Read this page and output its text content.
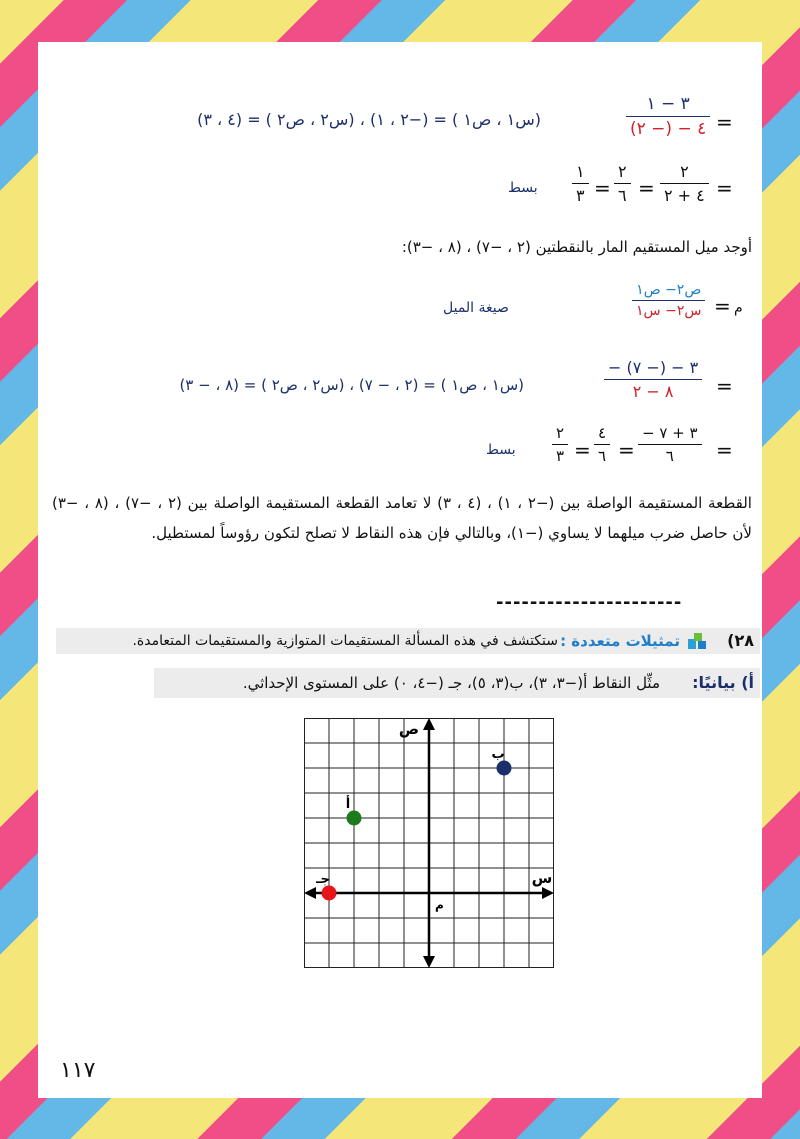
=
٣ − ١
٤ − (− ٢)
(س١ ، ص١ ) = (−٢ ، ١) ، (س٢ ، ص٢ ) = (٤ ، ٣)
=
٢
٤ + ٢
=
٢
٦
=
١
٣
بسط
أوجد ميل المستقيم المار بالنقطتين (٢ ، −٧) ، (٨ ، −٣):
م
=
ص٢− ص١
س٢− س١
صيغة الميل
=
− ٣ − (− ٧)
٨ − ٢
(س١ ، ص١ ) = (٢ ، − ٧) ، (س٢ ، ص٢ ) = (٨ ، − ٣)
=
− ٣ + ٧
٦
=
٤
٦
=
٢
٣
بسط
القطعة المستقيمة الواصلة بين (−٢ ، ١) ، (٤ ، ٣) لا تعامد القطعة المستقيمة الواصلة بين (٢ ، −٧) ، (٨ ، −٣) لأن حاصل ضرب ميلهما لا يساوي (−١)، وبالتالي فإن هذه النقاط لا تصلح لتكون رؤوساً لمستطيل.
----------------------
٢٨)
تمثيلات متعددة :
ستكتشف في هذه المسألة المستقيمات المتوازية والمستقيمات المتعامدة.
أ) بيانيًا:
مثِّل النقاط أ(−٣، ٣)، ب(٣، ٥)، جـ (−٤، ٠) على المستوى الإحداثي.
ص
س
م
أ
ب
جـ
١١٧
